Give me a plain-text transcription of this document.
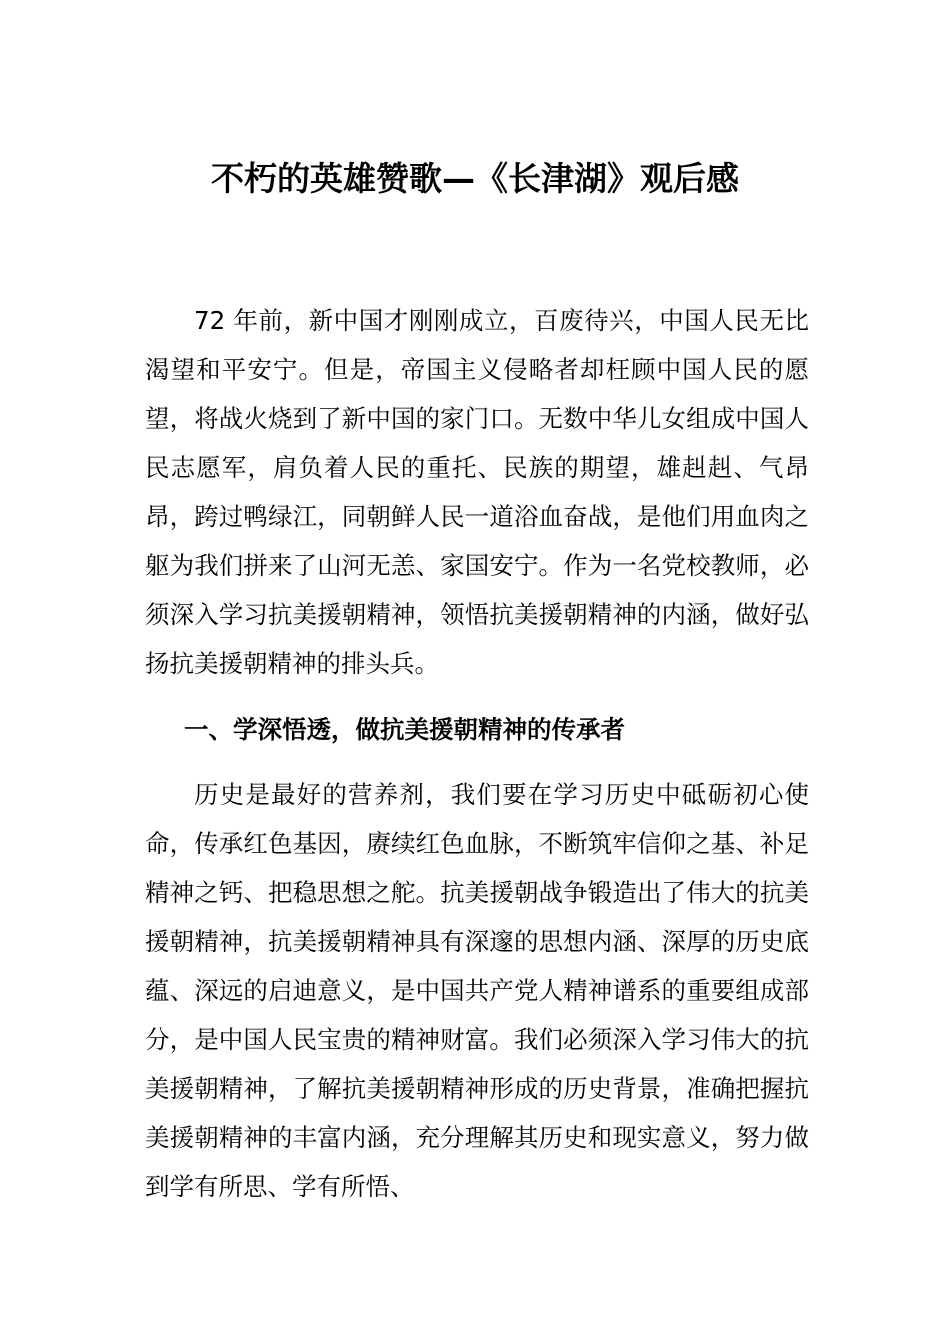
不朽的英雄赞歌—《长津湖》观后感

72 年前，新中国才刚刚成立，百废待兴，中国人民无比渴望和平安宁。但是，帝国主义侵略者却枉顾中国人民的愿望，将战火烧到了新中国的家门口。无数中华儿女组成中国人民志愿军，肩负着人民的重托、民族的期望，雄赳赳、气昂昂，跨过鸭绿江，同朝鲜人民一道浴血奋战，是他们用血肉之躯为我们拼来了山河无恙、家国安宁。作为一名党校教师，必须深入学习抗美援朝精神，领悟抗美援朝精神的内涵，做好弘扬抗美援朝精神的排头兵。

一、学深悟透，做抗美援朝精神的传承者

历史是最好的营养剂，我们要在学习历史中砥砺初心使命，传承红色基因，赓续红色血脉，不断筑牢信仰之基、补足精神之钙、把稳思想之舵。抗美援朝战争锻造出了伟大的抗美援朝精神，抗美援朝精神具有深邃的思想内涵、深厚的历史底蕴、深远的启迪意义，是中国共产党人精神谱系的重要组成部分，是中国人民宝贵的精神财富。我们必须深入学习伟大的抗美援朝精神，了解抗美援朝精神形成的历史背景，准确把握抗美援朝精神的丰富内涵，充分理解其历史和现实意义，努力做到学有所思、学有所悟、
